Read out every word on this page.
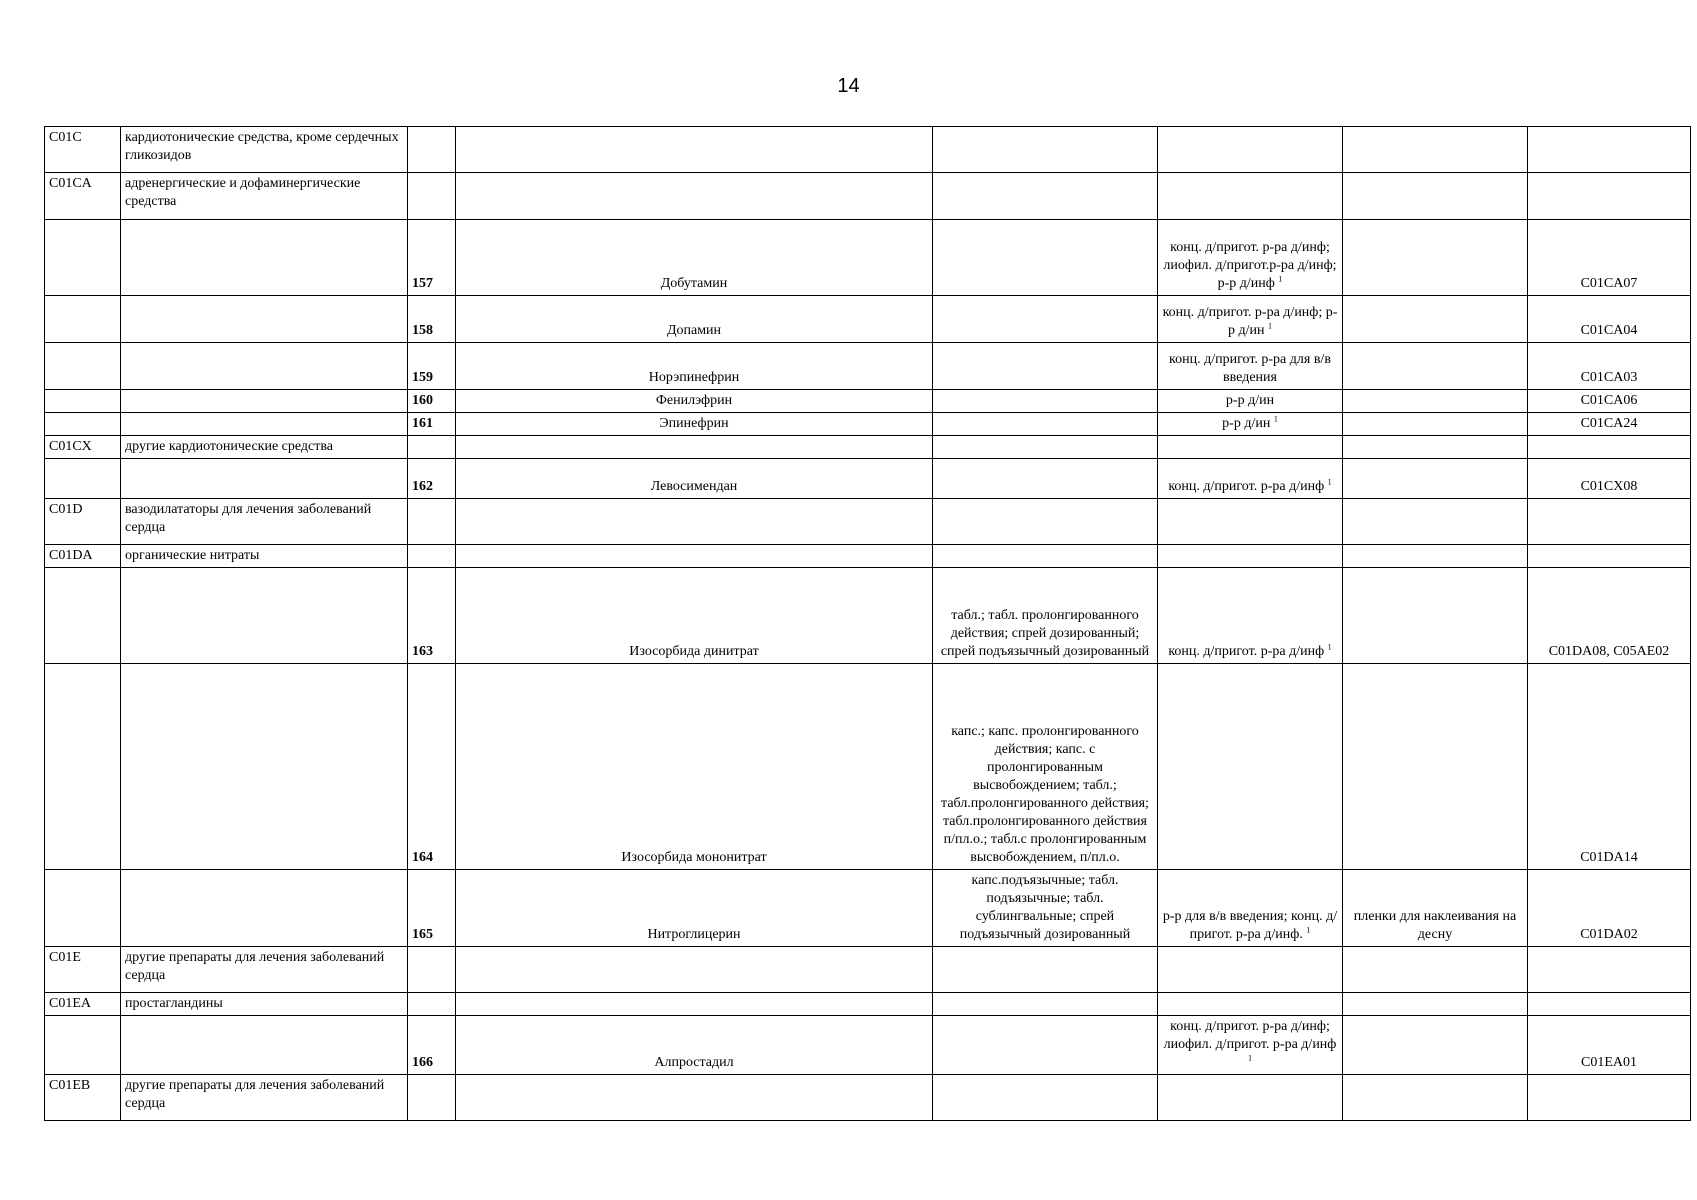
14
C01C	кардиотонические средства, кроме сердечных гликозидов						
C01CA	адренергические и дофаминергические средства						
		157	Добутамин		конц. д/пригот. р-ра д/инф; лиофил. д/пригот.р-ра д/инф; р-р д/инф $^1$		C01CA07
		158	Допамин		конц. д/пригот. р-ра д/инф; р-р д/ин $^1$		C01CA04
		159	Норэпинефрин		конц. д/пригот. р-ра для в/в введения		C01CA03
		160	Фенилэфрин		р-р д/ин		C01CA06
		161	Эпинефрин		р-р д/ин $^1$		C01CA24
C01CX	другие кардиотонические средства						
		162	Левосимендан		конц. д/пригот. р-ра д/инф $^1$		C01CX08
C01D	вазодилататоры для лечения заболеваний сердца						
C01DA	органические нитраты						
		163	Изосорбида динитрат	табл.; табл. пролонгированного действия; спрей дозированный; спрей подъязычный дозированный	конц. д/пригот. р-ра д/инф $^1$		C01DA08, C05AE02
		164	Изосорбида мононитрат	капс.; капс. пролонгированного действия; капс. с пролонгированным высвобождением; табл.; табл.пролонгированного действия; табл.пролонгированного действия п/пл.о.; табл.с пролонгированным высвобождением, п/пл.о.			C01DA14
		165	Нитроглицерин	капс.подъязычные; табл. подъязычные; табл. сублингвальные; спрей подъязычный дозированный	р-р для в/в введения; конц. д/пригот. р-ра д/инф. $^1$	пленки для наклеивания на десну	C01DA02
C01E	другие препараты для лечения заболеваний сердца						
C01EA	простагландины						
		166	Алпростадил		конц. д/пригот. р-ра д/инф; лиофил. д/пригот. р-ра д/инф $^1$		C01EA01
C01EB	другие препараты для лечения заболеваний сердца						
